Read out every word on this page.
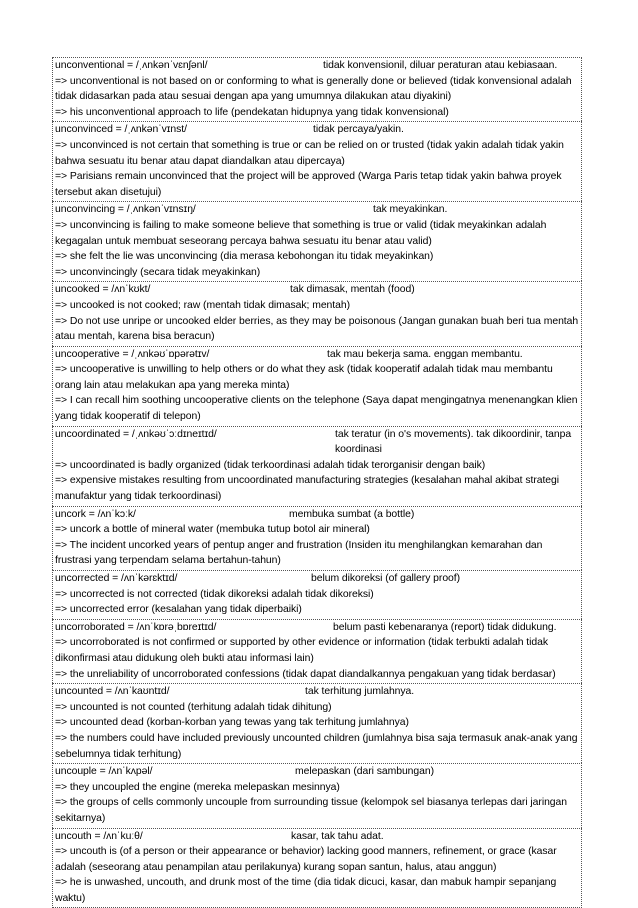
unconventional = /ˌʌnkənˈvɛnʃənl/	tidak konvensionil, diluar peraturan atau kebiasaan.
=> unconventional is not based on or conforming to what is generally done or believed (tidak konvensional adalah tidak didasarkan pada atau sesuai dengan apa yang umumnya dilakukan atau diyakini)
=> his unconventional approach to life (pendekatan hidupnya yang tidak konvensional)
unconvinced = /ˌʌnkənˈvɪnst/	tidak percaya/yakin.
=> unconvinced is not certain that something is true or can be relied on or trusted (tidak yakin adalah tidak yakin bahwa sesuatu itu benar atau dapat diandalkan atau dipercaya)
=> Parisians remain unconvinced that the project will be approved (Warga Paris tetap tidak yakin bahwa proyek tersebut akan disetujui)
unconvincing = /ˌʌnkənˈvɪnsɪŋ/	tak meyakinkan.
=> unconvincing is failing to make someone believe that something is true or valid (tidak meyakinkan adalah kegagalan untuk membuat seseorang percaya bahwa sesuatu itu benar atau valid)
=> she felt the lie was unconvincing (dia merasa kebohongan itu tidak meyakinkan)
=> unconvincingly (secara tidak meyakinkan)
uncooked = /ʌnˈkʊkt/	tak dimasak, mentah (food)
=> uncooked is not cooked; raw (mentah tidak dimasak; mentah)
=> Do not use unripe or uncooked elder berries, as they may be poisonous (Jangan gunakan buah beri tua mentah atau mentah, karena bisa beracun)
uncooperative = /ˌʌnkəʊˈɒpərətɪv/	tak mau bekerja sama. enggan membantu.
=> uncooperative is unwilling to help others or do what they ask (tidak kooperatif adalah tidak mau membantu orang lain atau melakukan apa yang mereka minta)
=> I can recall him soothing uncooperative clients on the telephone (Saya dapat mengingatnya menenangkan klien yang tidak kooperatif di telepon)
uncoordinated = /ˌʌnkəʊˈɔːdɪneɪtɪd/	tak teratur (in o's movements). tak dikoordinir, tanpa koordinasi
=> uncoordinated is badly organized (tidak terkoordinasi adalah tidak terorganisir dengan baik)
=> expensive mistakes resulting from uncoordinated manufacturing strategies (kesalahan mahal akibat strategi manufaktur yang tidak terkoordinasi)
uncork = /ʌnˈkɔːk/	membuka sumbat (a bottle)
=> uncork a bottle of mineral water (membuka tutup botol air mineral)
=> The incident uncorked years of pentup anger and frustration (Insiden itu menghilangkan kemarahan dan frustrasi yang terpendam selama bertahun-tahun)
uncorrected = /ʌnˈkərɛktɪd/	belum dikoreksi (of gallery proof)
=> uncorrected is not corrected (tidak dikoreksi adalah tidak dikoreksi)
=> uncorrected error (kesalahan yang tidak diperbaiki)
uncorroborated = /ʌnˈkɒrəˌbɒreɪtɪd/	belum pasti kebenaranya (report) tidak didukung.
=> uncorroborated is not confirmed or supported by other evidence or information (tidak terbukti adalah tidak dikonfirmasi atau didukung oleh bukti atau informasi lain)
=> the unreliability of uncorroborated confessions (tidak dapat diandalkannya pengakuan yang tidak berdasar)
uncounted = /ʌnˈkaʊntɪd/	tak terhitung jumlahnya.
=> uncounted is not counted (terhitung adalah tidak dihitung)
=> uncounted dead (korban-korban yang tewas yang tak terhitung jumlahnya)
=> the numbers could have included previously uncounted children (jumlahnya bisa saja termasuk anak-anak yang sebelumnya tidak terhitung)
uncouple = /ʌnˈkʌpəl/	melepaskan (dari sambungan)
=> they uncoupled the engine (mereka melepaskan mesinnya)
=> the groups of cells commonly uncouple from surrounding tissue (kelompok sel biasanya terlepas dari jaringan sekitarnya)
uncouth = /ʌnˈkuːθ/	kasar, tak tahu adat.
=> uncouth is (of a person or their appearance or behavior) lacking good manners, refinement, or grace (kasar adalah (seseorang atau penampilan atau perilakunya) kurang sopan santun, halus, atau anggun)
=> he is unwashed, uncouth, and drunk most of the time (dia tidak dicuci, kasar, dan mabuk hampir sepanjang waktu)
